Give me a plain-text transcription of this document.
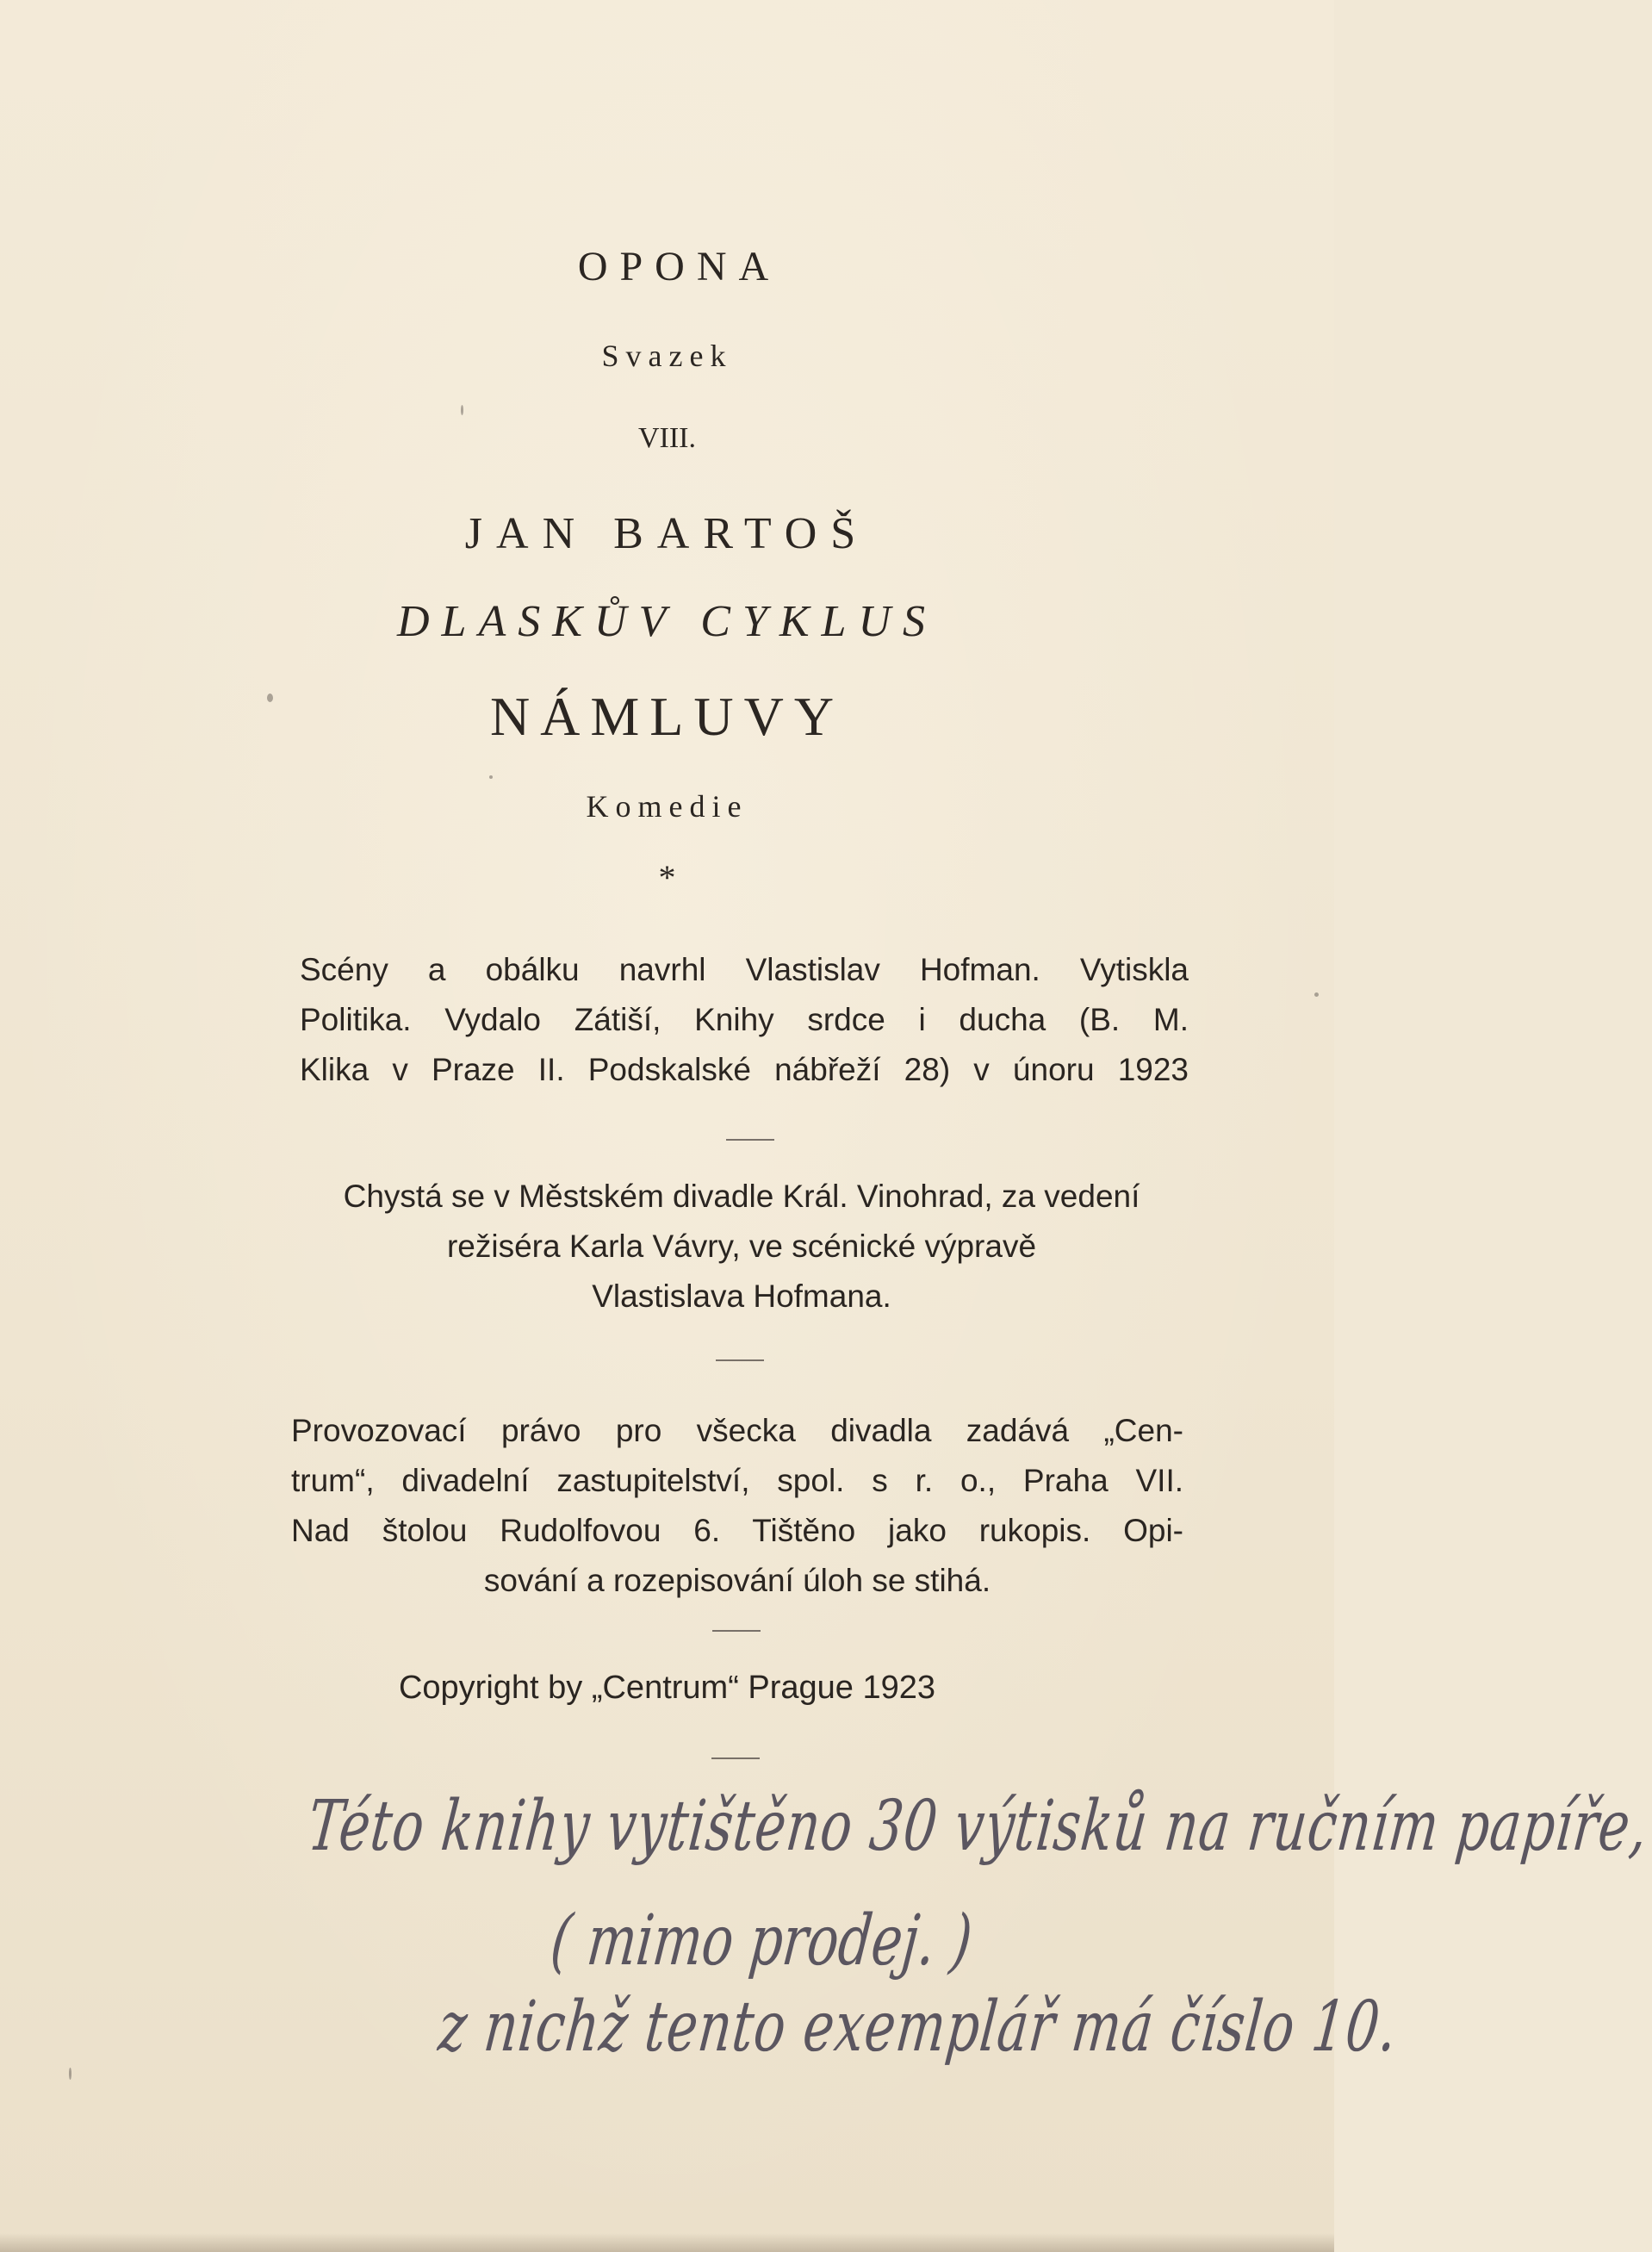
OPONA
Svazek
VIII.
JAN BARTOŠ
DLASKŮV CYKLUS
NÁMLUVY
Komedie
*
Scény a obálku navrhl Vlastislav Hofman. Vytiskla
Politika. Vydalo Zátiší, Knihy srdce i ducha (B. M.
Klika v Praze II. Podskalské nábřeží 28) v únoru 1923
Chystá se v Městském divadle Král. Vinohrad, za vedení
režiséra Karla Vávry, ve scénické výpravě
Vlastislava Hofmana.
Provozovací právo pro všecka divadla zadává „Cen-
trum“, divadelní zastupitelství, spol. s r. o., Praha VII.
Nad štolou Rudolfovou 6. Tištěno jako rukopis. Opi-
sování a rozepisování úloh se stihá.
Copyright by „Centrum“ Prague 1923
Této knihy vytištěno 30 výtisků na ručním papíře,
( mimo prodej. )
z nichž tento exemplář má číslo 10.
